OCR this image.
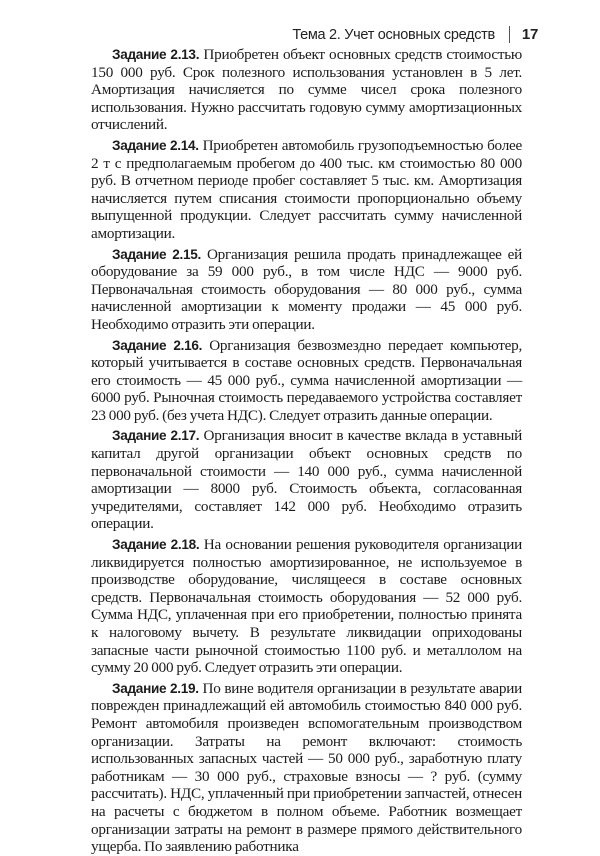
Тема 2. Учет основных средств 17

Задание 2.13. Приобретен объект основных средств стоимостью 150 000 руб. Срок полезного использования установлен в 5 лет. Амортизация начисляется по сумме чисел срока полезного использования. Нужно рассчитать годовую сумму амортизационных отчислений.

Задание 2.14. Приобретен автомобиль грузоподъемностью более 2 т с предполагаемым пробегом до 400 тыс. км стоимостью 80 000 руб. В отчетном периоде пробег составляет 5 тыс. км. Амортизация начисляется путем списания стоимости пропорционально объему выпущенной продукции. Следует рассчитать сумму начисленной амортизации.

Задание 2.15. Организация решила продать принадлежащее ей оборудование за 59 000 руб., в том числе НДС — 9000 руб. Первоначальная стоимость оборудования — 80 000 руб., сумма начисленной амортизации к моменту продажи — 45 000 руб. Необходимо отразить эти операции.

Задание 2.16. Организация безвозмездно передает компьютер, который учитывается в составе основных средств. Первоначальная его стоимость — 45 000 руб., сумма начисленной амортизации — 6000 руб. Рыночная стоимость передаваемого устройства составляет 23 000 руб. (без учета НДС). Следует отразить данные операции.

Задание 2.17. Организация вносит в качестве вклада в уставный капитал другой организации объект основных средств по первоначальной стоимости — 140 000 руб., сумма начисленной амортизации — 8000 руб. Стоимость объекта, согласованная учредителями, составляет 142 000 руб. Необходимо отразить операции.

Задание 2.18. На основании решения руководителя организации ликвидируется полностью амортизированное, не используемое в производстве оборудование, числящееся в составе основных средств. Первоначальная стоимость оборудования — 52 000 руб. Сумма НДС, уплаченная при его приобретении, полностью принята к налоговому вычету. В результате ликвидации оприходованы запасные части рыночной стоимостью 1100 руб. и металлолом на сумму 20 000 руб. Следует отразить эти операции.

Задание 2.19. По вине водителя организации в результате аварии поврежден принадлежащий ей автомобиль стоимостью 840 000 руб. Ремонт автомобиля произведен вспомогательным производством организации. Затраты на ремонт включают: стоимость использованных запасных частей — 50 000 руб., заработную плату работникам — 30 000 руб., страховые взносы — ? руб. (сумму рассчитать). НДС, уплаченный при приобретении запчастей, отнесен на расчеты с бюджетом в полном объеме. Работник возмещает организации затраты на ремонт в размере прямого действительного ущерба. По заявлению работника
